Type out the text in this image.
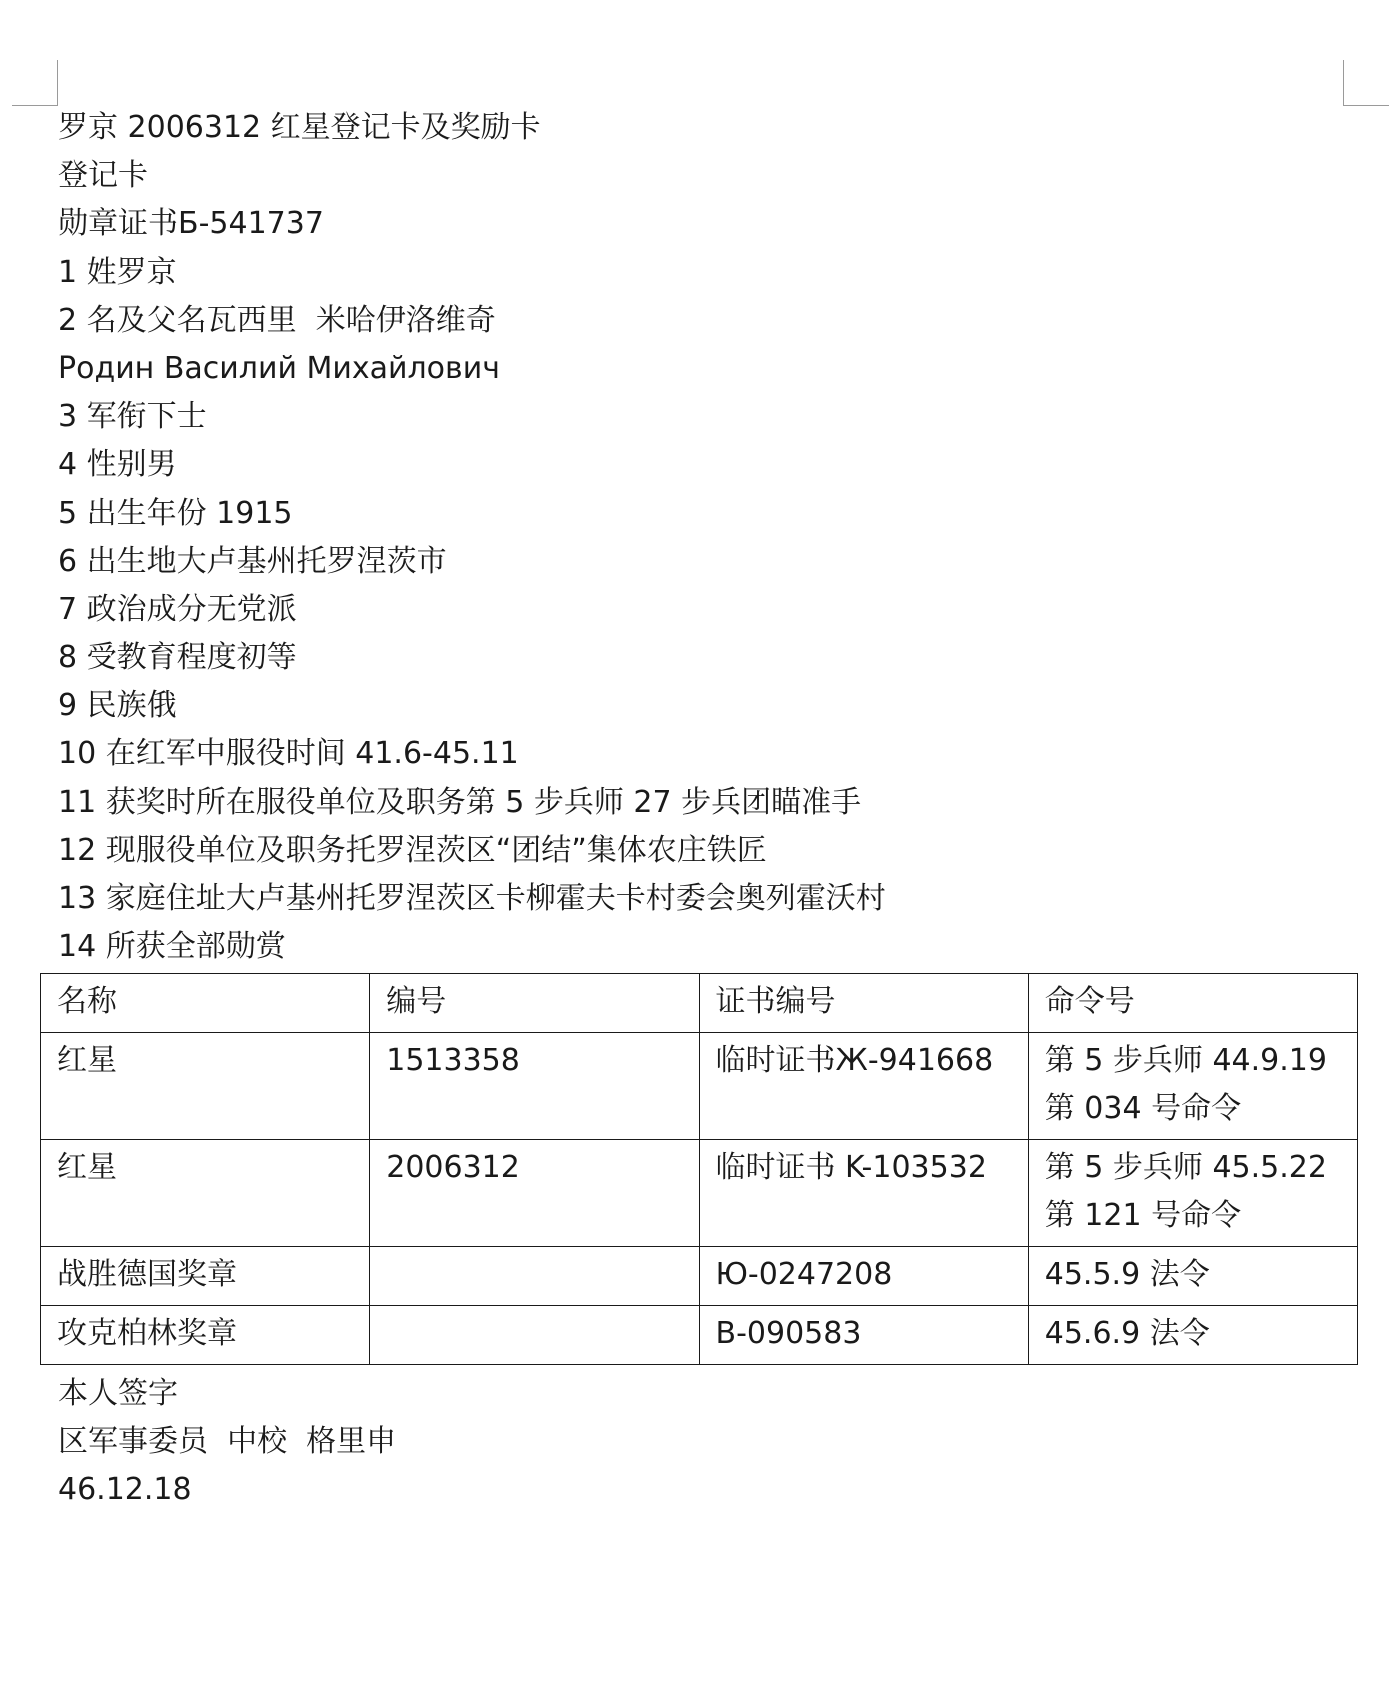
罗京 2006312 红星登记卡及奖励卡
登记卡
勋章证书Б-541737
1 姓罗京
2 名及父名瓦西里  米哈伊洛维奇
Родин Василий Михайлович
3 军衔下士
4 性别男
5 出生年份 1915
6 出生地大卢基州托罗涅茨市
7 政治成分无党派
8 受教育程度初等
9 民族俄
10 在红军中服役时间 41.6-45.11
11 获奖时所在服役单位及职务第 5 步兵师 27 步兵团瞄准手
12 现服役单位及职务托罗涅茨区“团结”集体农庄铁匠
13 家庭住址大卢基州托罗涅茨区卡柳霍夫卡村委会奥列霍沃村
14 所获全部勋赏
名称	编号	证书编号	命令号
红星	1513358	临时证书Ж-941668	第 5 步兵师 44.9.19
第 034 号命令

红星	2006312	临时证书 K-103532	第 5 步兵师 45.5.22
第 121 号命令

战胜德国奖章		Ю-0247208	45.5.9 法令
攻克柏林奖章		В-090583	45.6.9 法令
本人签字
区军事委员  中校  格里申
46.12.18
